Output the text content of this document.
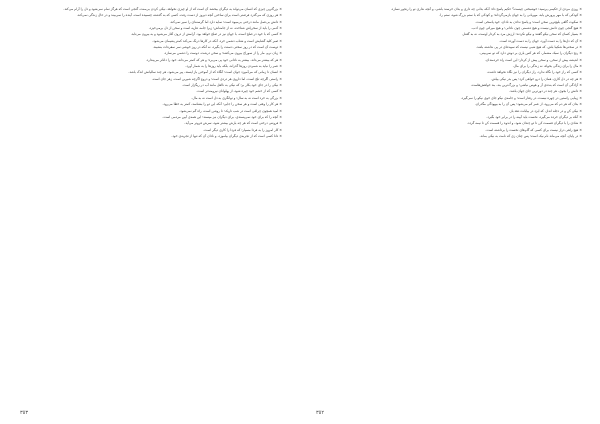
× بزرگترین چیزی که انسان می‌تواند به دیگران ببخشد آن است که از او چیزی نخواهد. نیکی کردن بی‌منت، گنجی است که هرگز تمام نمی‌شود و دل را آرام می‌کند.

× هر روزی که می‌گذرد فرصتی است برای ساختن آنچه دیروز از دست رفت. کسی که به گذشته چسبیده است، آینده را نمی‌بیند و در حال زندگی نمی‌کند.

× دانش بی‌عمل مانند درختی بی‌میوه است؛ سایه دارد اما گرسنه‌ای را سیر نمی‌کند.

× آدمی را باید از سخن‌اش شناخت، نه از جامه‌اش؛ زیرا جامه عاریه است و سخن از دل برمی‌خیزد.

× کسی که با خود در صلح است، با جهان نیز در صلح خواهد بود. آرامش از درون آغاز می‌شود و به بیرون می‌تابد.

× صبر کلید گشایش است و شتاب دشمن خرد. آنکه در کارها درنگ می‌کند کمتر پشیمان می‌شود.

× دوست آن است که در روز سختی دستت را بگیرد، نه آنکه در روز خوشی سر سفره‌ات بنشیند.

× زبان نرم، مار را از سوراخ بیرون می‌کشد؛ و سخن درشت، دوست را دشمن می‌سازد.

× هر که بیشتر می‌داند، بیشتر به نادانی خود پی می‌برد؛ و هر که کمتر می‌داند، خود را داناتر می‌پندارد.

× عمر را نباید به شمردن روزها گذراند، بلکه باید روزها را به شمار آورد.

× انسان تا زمانی که می‌آموزد جوان است؛ آنگاه که از آموختن باز ایستد، پیر می‌شود، هر چند سالیانش اندک باشد.

× راستی اگرچه تلخ است، اما داروی هر دردی است؛ و دروغ اگرچه شیرین است، زهر جان است.

× نیکی را در جای خود بکار بر؛ که نیکی به نااهل مانند آب در ریگزار است.

× کسی که از خشم خود چیره شود، از پهلوانان نیرومندتر است.

× بزرگی به خرد است نه به سال؛ و توانگری به دل است نه به مال.

× هر کار را وقتی است و هر سخن را جایی؛ آنکه این دو را بشناسد، کمتر به خطا می‌رود.

× امید همچون چراغی است در شب تاریک؛ تا روشن است، راه گم نمی‌شود.

× آنچه را که برای خود نمی‌پسندی، برای دیگران نیز مپسند؛ این همه‌ی آیین مردمی است.

× فروتنی درختی است که هر چه بارش بیشتر شود، سرش فروتر می‌آید.

× کار امروز را به فردا مسپار؛ که فردا را کاری دیگر است.

× دانا کسی است که از تجربه‌ی دیگران بیاموزد، و نادان آن که تنها از تجربه‌ی خود.

٣٥٣

× روزی مردی از حکیمی پرسید: خوشبختی چیست؟ حکیم پاسخ داد: آنکه بدانی چه داری و بدان خرسند باشی، و آنچه نداری تو را رنجور نسازد.

× کودکی که با مهر پرورش یابد، مهربانی را به جهان بازمی‌گرداند؛ و کودکی که با ستم بزرگ شود، ستم را.

× سکوت گاهی بلیغ‌ترین سخن است؛ و پاسخ ندادن به نادان، خود پاسخی است.

× هیچ گنجی چون دانش نیست و هیچ دشمنی چون نادانی؛ و هیچ میراثی چون ادب.

× بسیار کسان که سخن نیکو گفتند و نیکو نکردند؛ ارزش مرد به کردار اوست، نه به گفتار.

× آن که دل‌ها را به دست آورد، جهان را به دست آورده است.

× در سختی‌ها شکیبا باش، که هیچ شبی نیست که سپیده‌ای در پی نداشته باشد.

× رنج دیگران را سبک مشمار، که هر کس باری بر دوش دارد که تو نمی‌بینی.

× اندیشه پیش از سخن، و سخن پیش از کردار؛ این است راه خردمندان.

× مال را برای زندگی بخواه، نه زندگی را برای مال.

× کسی که راز خود را نگاه ندارد، راز دیگران را نیز نگاه نخواهد داشت.

× هر چه در دل کاری، همان را درو خواهی کرد؛ پس بذر نیکی بپاش.

× آزادگی آن است که بنده‌ی آز و هوس نباشی؛ و بزرگ‌ترین بند، بند خواهش‌هاست.

× دانش را بجوی، هر چند در دورترین جای جهان باشد.

× زیبایی راستین در چهره نیست، در رفتار است؛ و جامه‌ی نیکو جای خوی نیکو را نمی‌گیرد.

× بدان که هر دم که می‌رود، از عمر کم می‌شود؛ پس آن را به بیهودگی مگذران.

× نیکی کن و در دجله انداز، که ایزد در بیابانت دهد باز.

× آنکه بر دیگران خرده می‌گیرد، نخست باید آیینه را در برابر خود بگیرد.

× شادی را با دیگران قسمت کن تا دو چندان شود، و اندوه را قسمت کن تا نیمه گردد.

× هیچ راهی دراز نیست برای کسی که گام‌های نخست را برداشته است.

× در پایان، آنچه می‌ماند نام نیک است؛ پس چنان زی که نامت به نیکی بماند.

٣٥٢
